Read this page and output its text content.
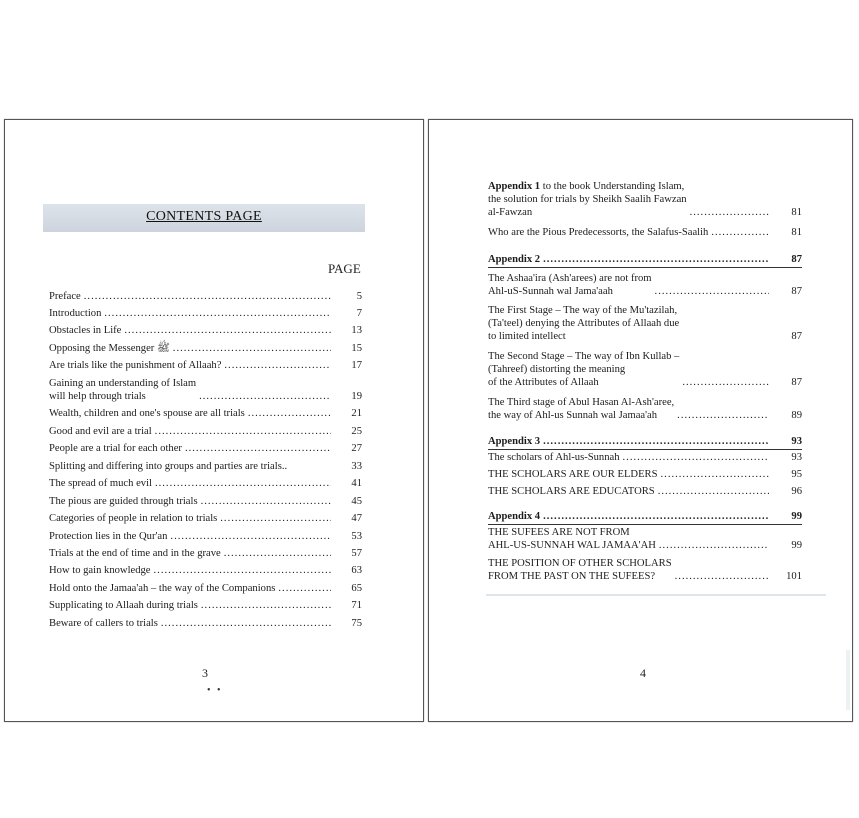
CONTENTS PAGE
PAGE
Preface .....	5
Introduction .....	7
Obstacles in Life .....	13
Opposing the Messenger ﷺ .....	15
Are trials like the punishment of Allaah? .....	17
Gaining an understanding of Islam
will help through trials .....	19
Wealth, children and one's spouse are all trials .....	21
Good and evil are a trial .....	25
People are a trial for each other .....	27
Splitting and differing into groups and parties are trials..	33
The spread of much evil .....	41
The pious are guided through trials .....	45
Categories of people in relation to trials .....	47
Protection lies in the Qur'an .....	53
Trials at the end of time and in the grave .....	57
How to gain knowledge .....	63
Hold onto the Jamaa'ah – the way of the Companions .....	65
Supplicating to Allaah during trials .....	71
Beware of callers to trials .....	75
3
• •
Appendix 1 to the book Understanding Islam,
the solution for trials by Sheikh Saalih Fawzan
al-Fawzan .....	81
Who are the Pious Predecessorts, the Salafus-Saalih .....	81
Appendix 2 .....	87
The Ashaa'ira (Ash'arees) are not from
Ahl-uS-Sunnah wal Jama'aah .....	87
The First Stage – The way of the Mu'tazilah,
(Ta'teel) denying the Attributes of Allaah due
to limited intellect	87
The Second Stage – The way of Ibn Kullab –
(Tahreef) distorting the meaning
of the Attributes of Allaah .....	87
The Third stage of Abul Hasan Al-Ash'aree,
the way of Ahl-us Sunnah wal Jamaa'ah .....	89
Appendix 3 .....	93
The scholars of Ahl-us-Sunnah .....	93
THE SCHOLARS ARE OUR ELDERS .....	95
THE SCHOLARS ARE EDUCATORS .....	96
Appendix 4 .....	99
THE SUFEES ARE NOT FROM
AHL-US-SUNNAH WAL JAMAA'AH .....	99
THE POSITION OF OTHER SCHOLARS
FROM THE PAST ON THE SUFEES? .....	101
4
